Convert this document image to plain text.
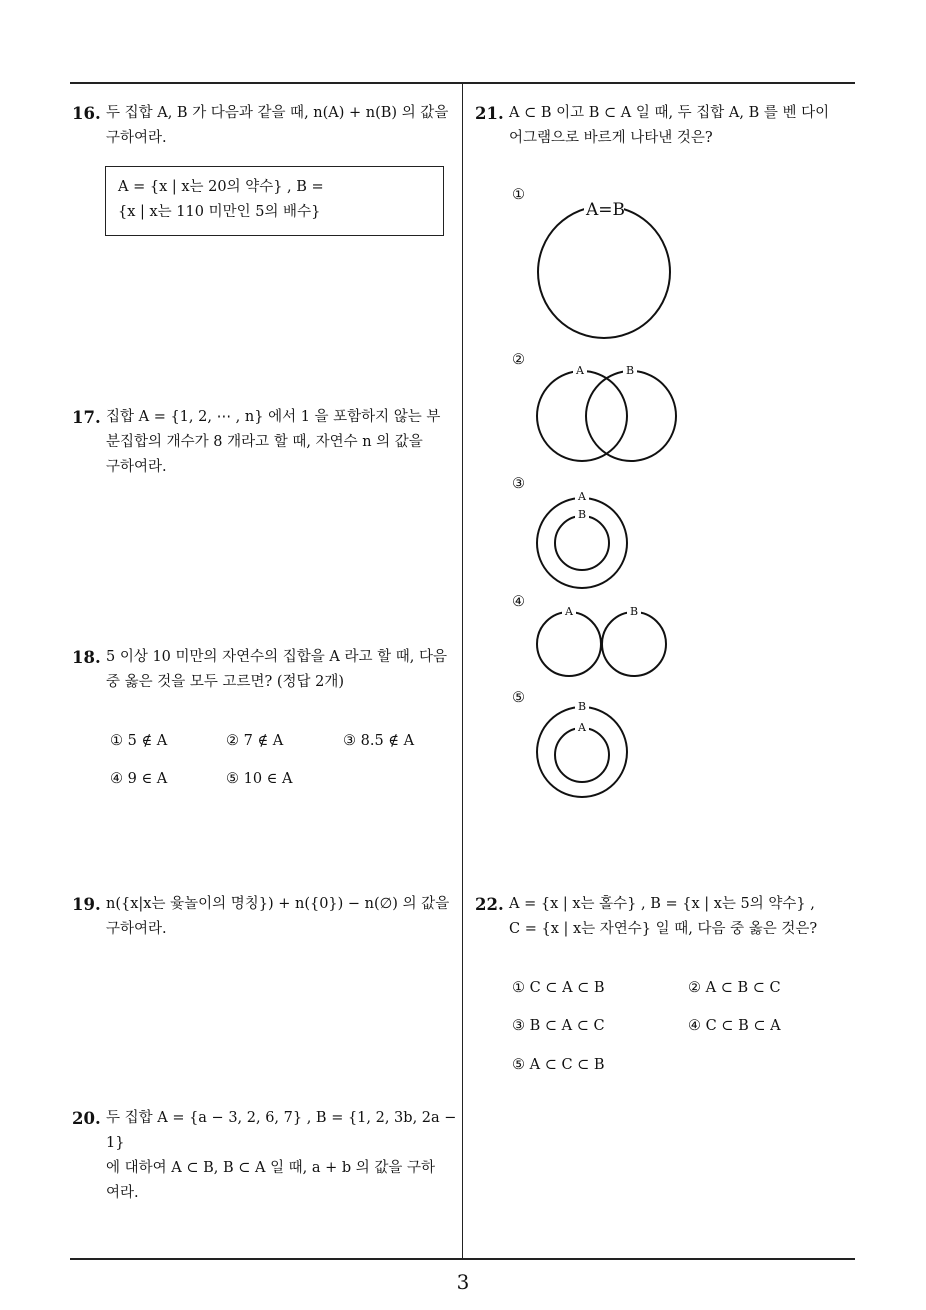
16. 두 집합 A, B 가 다음과 같을 때, n(A) + n(B) 의 값을

구하여라.

A = {x | x는 20의 약수} , B =

{x | x는 110 미만인 5의 배수}

17. 집합 A = {1, 2, ⋯ , n} 에서 1 을 포함하지 않는 부

분집합의 개수가 8 개라고 할 때, 자연수 n 의 값을

구하여라.

18. 5 이상 10 미만의 자연수의 집합을 A 라고 할 때, 다음

중 옳은 것을 모두 고르면? (정답 2개)

① 5 ∉ A	② 7 ∉ A	③ 8.5 ∉ A
④ 9 ∈ A	⑤ 10 ∈ A
19. n({x|x는 윷놀이의 명칭}) + n({0}) − n(∅) 의 값을

구하여라.

20. 두 집합 A = {a − 3, 2, 6, 7} , B = {1, 2, 3b, 2a − 1}

에 대하여 A ⊂ B, B ⊂ A 일 때, a + b 의 값을 구하

여라.

21. A ⊂ B 이고 B ⊂ A 일 때, 두 집합 A, B 를 벤 다이

어그램으로 바르게 나타낸 것은?

①
②
③
④
⑤
A=B
A	B
A
B
A	B
B
A
22. A = {x | x는 홀수} , B = {x | x는 5의 약수} ,

C = {x | x는 자연수} 일 때, 다음 중 옳은 것은?

① C ⊂ A ⊂ B	② A ⊂ B ⊂ C
③ B ⊂ A ⊂ C	④ C ⊂ B ⊂ A
⑤ A ⊂ C ⊂ B
3
